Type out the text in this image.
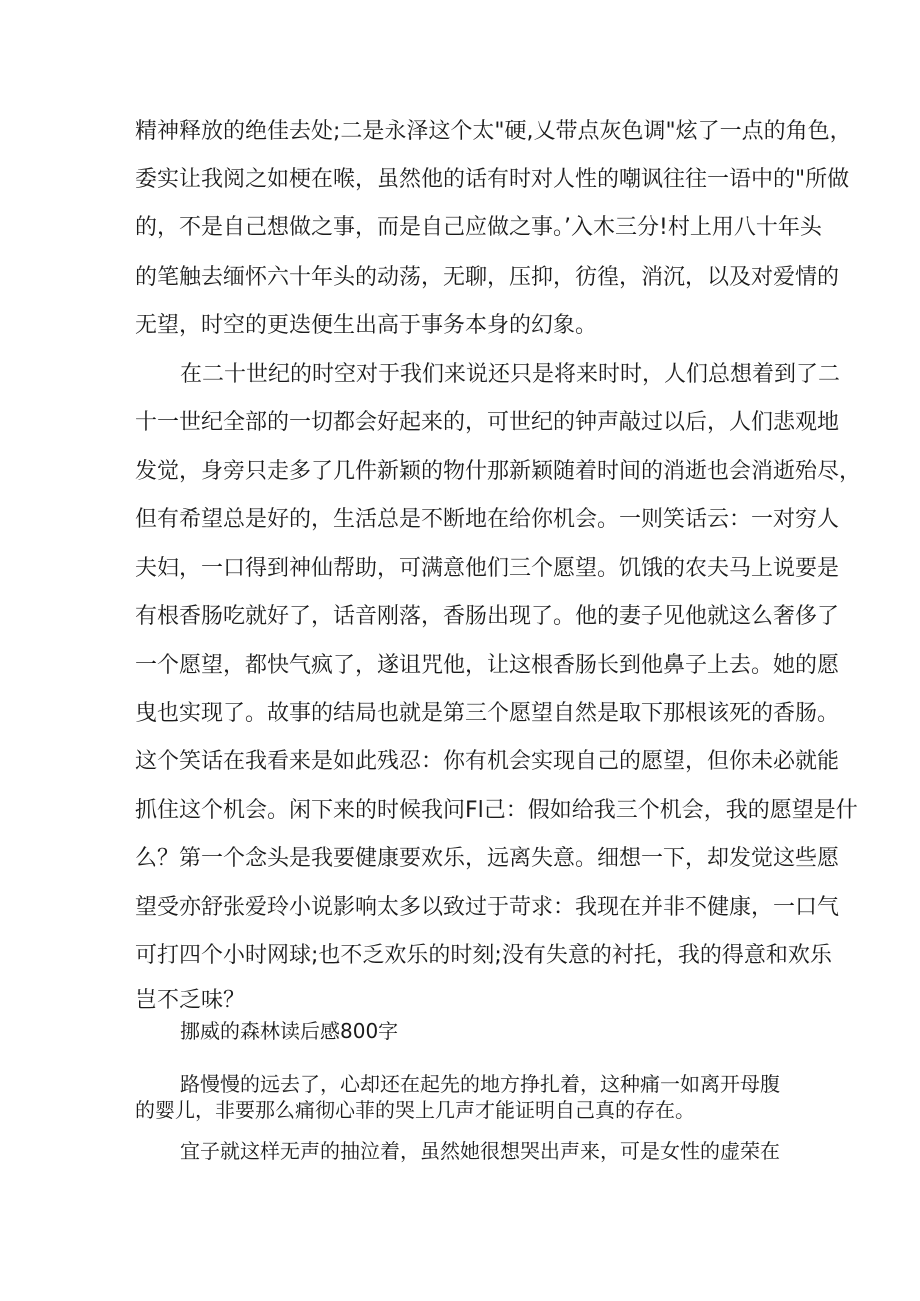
精神释放的绝佳去处;二是永泽这个太"硬,乂带点灰色调"炫了一点的角色，
委实让我阅之如梗在喉，虽然他的话有时对人性的嘲讽往往一语中的"所做
的，不是自己想做之事，而是自己应做之事。’入木三分!村上用八十年头
的笔触去缅怀六十年头的动荡，无聊，压抑，彷徨，消沉，以及对爱情的
无望，时空的更迭便生出高于事务本身的幻象。
在二十世纪的时空对于我们来说还只是将来时时，人们总想着到了二
十一世纪全部的一切都会好起来的，可世纪的钟声敲过以后，人们悲观地
发觉，身旁只走多了几件新颖的物什那新颖随着时间的消逝也会消逝殆尽，
但有希望总是好的，生活总是不断地在给你机会。一则笑话云：一对穷人
夫妇，一口得到神仙帮助，可满意他们三个愿望。饥饿的农夫马上说要是
有根香肠吃就好了，话音刚落，香肠出现了。他的妻子见他就这么奢侈了
一个愿望，都快气疯了，遂诅咒他，让这根香肠长到他鼻子上去。她的愿
曳也实现了。故事的结局也就是第三个愿望自然是取下那根该死的香肠。
这个笑话在我看来是如此残忍：你有机会实现自己的愿望，但你未必就能
抓住这个机会。闲下来的时候我问Fl己：假如给我三个机会，我的愿望是什
么？第一个念头是我要健康要欢乐，远离失意。细想一下，却发觉这些愿
望受亦舒张爱玲小说影响太多以致过于苛求：我现在并非不健康，一口气
可打四个小时网球;也不乏欢乐的时刻;没有失意的衬托，我的得意和欢乐
岂不乏味？
挪威的森林读后感800字
路慢慢的远去了，心却还在起先的地方挣扎着，这种痛一如离开母腹
的婴儿，非要那么痛彻心菲的哭上几声才能证明自己真的存在。
宜子就这样无声的抽泣着，虽然她很想哭出声来，可是女性的虚荣在
